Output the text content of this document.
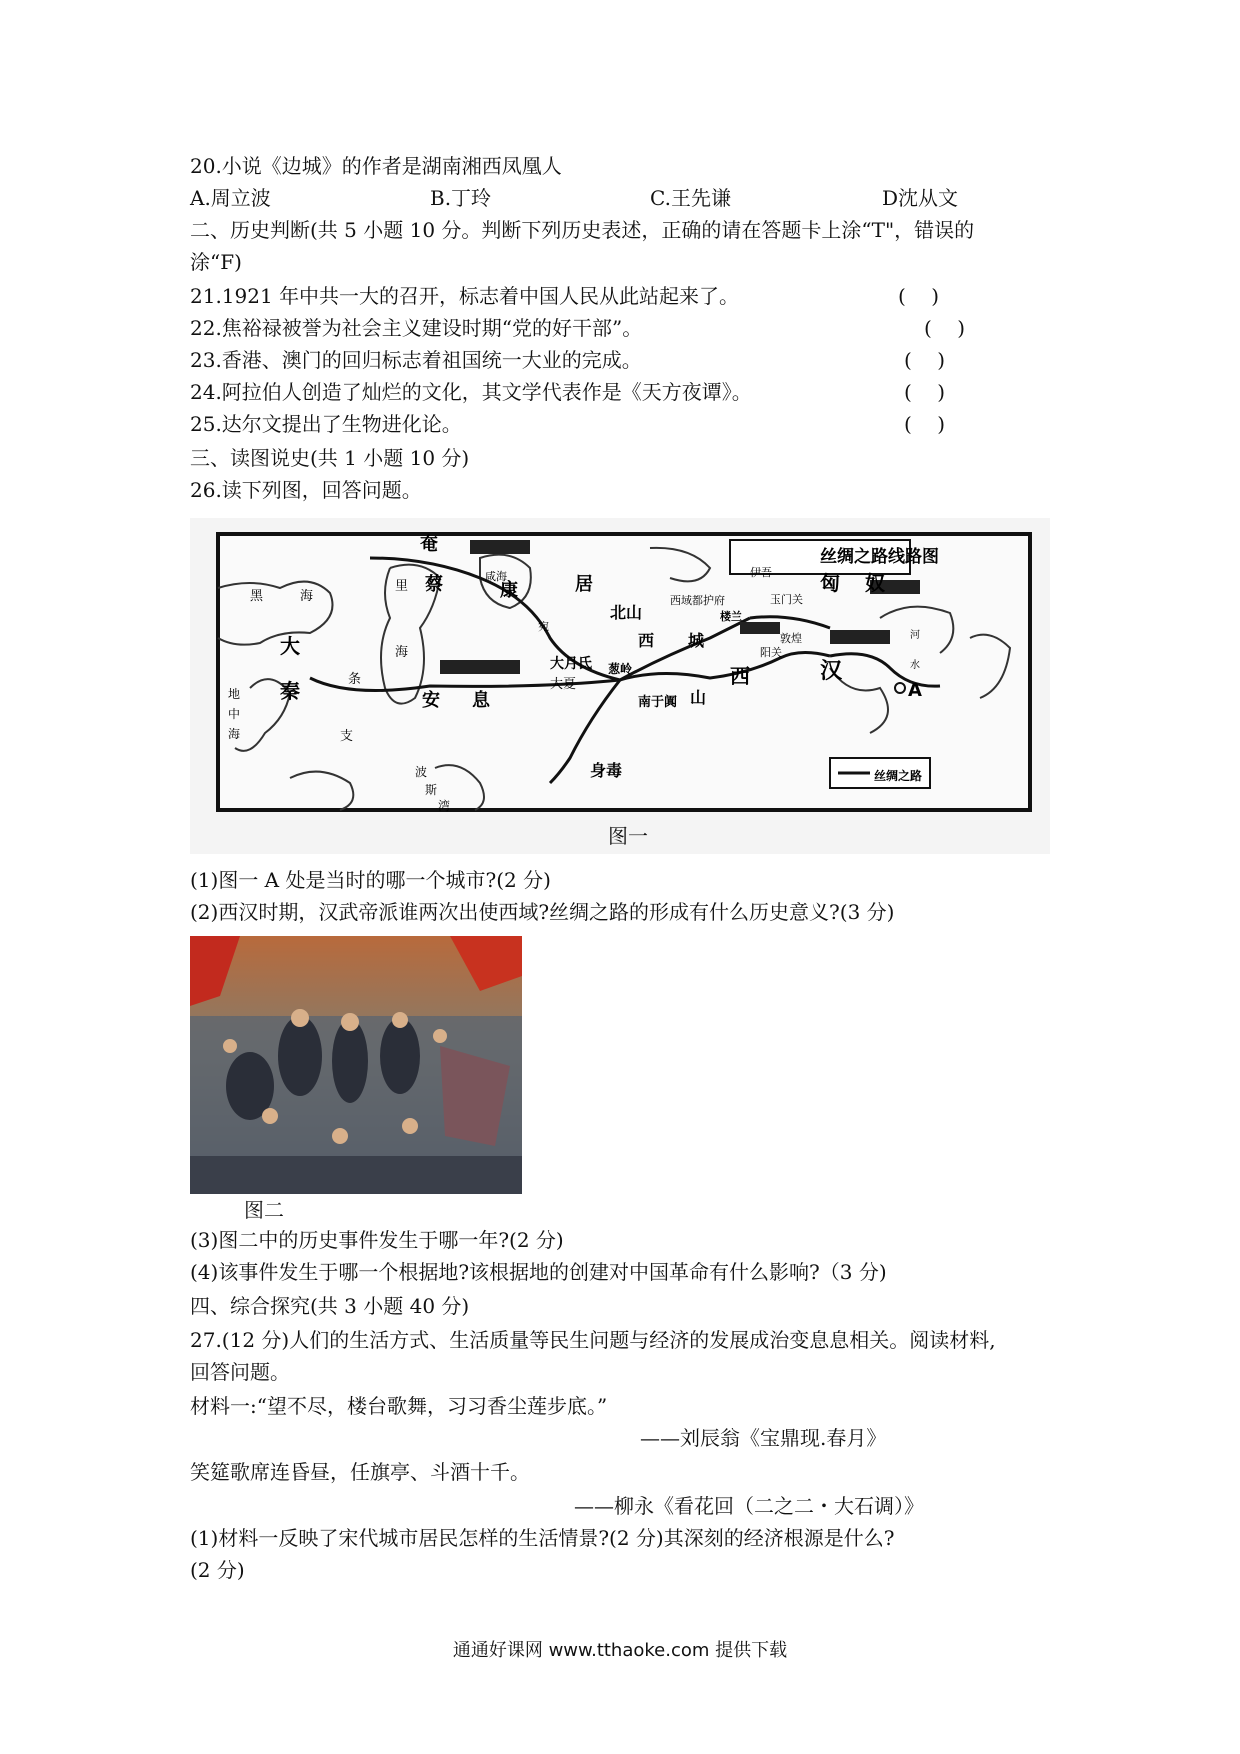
20.小说《边城》的作者是湖南湘西凤凰人
A.周立波	B.丁玲	C.王先谦	D沈从文
二、历史判断(共 5 小题 10 分。判断下列历史表述，正确的请在答题卡上涂“T"，错误的
涂“F)
21.1921 年中共一大的召开，标志着中国人民从此站起来了。	(    )
22.焦裕禄被誉为社会主义建设时期“党的好干部”。	(    )
23.香港、澳门的回归标志着祖国统一大业的完成。	(    )
24.阿拉伯人创造了灿烂的文化，其文学代表作是《天方夜谭》。	(    )
25.达尔文提出了生物进化论。	(    )
三、读图说史(共 1 小题 10 分)
26.读下列图，回答问题。
丝绸之路线路图
丝绸之路
奄
蔡	居
康
咸海
黑	海
里
海
大
秦
地
中
海
条
支
波
斯
湾
安 息
大月氏
大夏
葱岭
南于阗 山
西
身毒
北山
西 城
西域都护府
楼兰
伊吾 匈 奴
玉门关
阳关
敦煌
汉
河
水
A
宛
图一
(1)图一 A 处是当时的哪一个城市?(2 分)
(2)西汉时期，汉武帝派谁两次出使西域?丝绸之路的形成有什么历史意义?(3 分)
图二
(3)图二中的历史事件发生于哪一年?(2 分)
(4)该事件发生于哪一个根据地?该根据地的创建对中国革命有什么影响?（3 分)
四、综合探究(共 3 小题 40 分)
27.(12 分)人们的生活方式、生活质量等民生问题与经济的发展成治变息息相关。阅读材料,
回答问题。
材料一:“望不尽，楼台歌舞，习习香尘莲步底。”
——刘辰翁《宝鼎现.春月》
笑筵歌席连昏昼，任旗亭、斗酒十千。
——柳永《看花回（二之二・大石调）》
(1)材料一反映了宋代城市居民怎样的生活情景?(2 分)其深刻的经济根源是什么?
(2 分)
通通好课网 www.tthaoke.com 提供下载
